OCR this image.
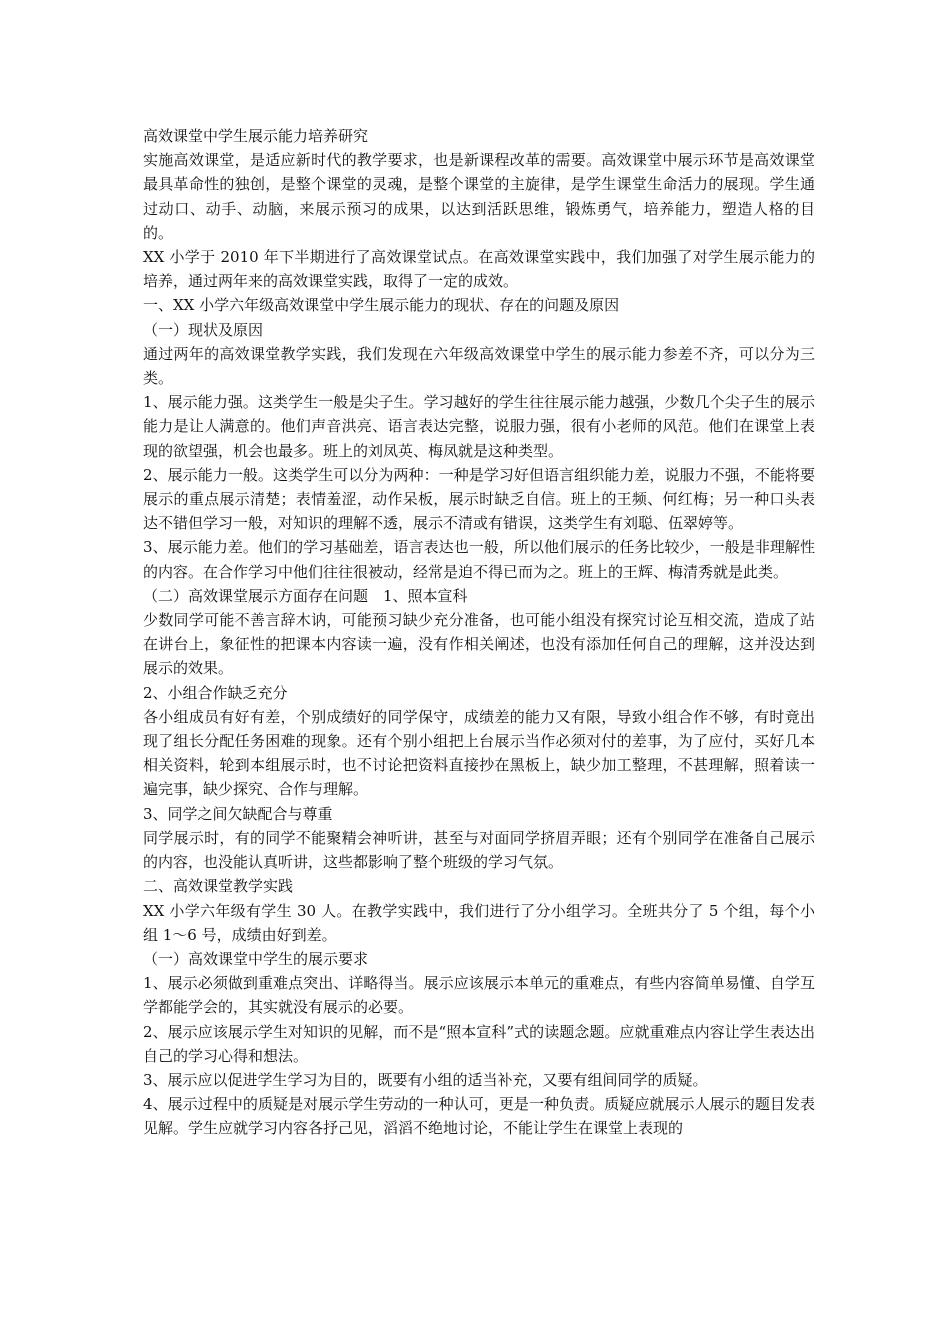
高效课堂中学生展示能力培养研究

实施高效课堂，是适应新时代的教学要求，也是新课程改革的需要。高效课堂中展示环节是高效课堂最具革命性的独创，是整个课堂的灵魂，是整个课堂的主旋律，是学生课堂生命活力的展现。学生通过动口、动手、动脑，来展示预习的成果，以达到活跃思维，锻炼勇气，培养能力，塑造人格的目的。

XX 小学于 2010 年下半期进行了高效课堂试点。在高效课堂实践中，我们加强了对学生展示能力的培养，通过两年来的高效课堂实践，取得了一定的成效。

一、XX 小学六年级高效课堂中学生展示能力的现状、存在的问题及原因

（一）现状及原因

通过两年的高效课堂教学实践，我们发现在六年级高效课堂中学生的展示能力参差不齐，可以分为三类。

1、展示能力强。这类学生一般是尖子生。学习越好的学生往往展示能力越强，少数几个尖子生的展示能力是让人满意的。他们声音洪亮、语言表达完整，说服力强，很有小老师的风范。他们在课堂上表现的欲望强，机会也最多。班上的刘凤英、梅凤就是这种类型。

2、展示能力一般。这类学生可以分为两种：一种是学习好但语言组织能力差，说服力不强，不能将要展示的重点展示清楚；表情羞涩，动作呆板，展示时缺乏自信。班上的王频、何红梅；另一种口头表达不错但学习一般，对知识的理解不透，展示不清或有错误，这类学生有刘聪、伍翠婷等。

3、展示能力差。他们的学习基础差，语言表达也一般，所以他们展示的任务比较少，一般是非理解性的内容。在合作学习中他们往往很被动，经常是迫不得已而为之。班上的王辉、梅清秀就是此类。

（二）高效课堂展示方面存在问题　1、照本宣科

少数同学可能不善言辞木讷，可能预习缺少充分准备，也可能小组没有探究讨论互相交流，造成了站在讲台上，象征性的把课本内容读一遍，没有作相关阐述，也没有添加任何自己的理解，这并没达到展示的效果。

2、小组合作缺乏充分

各小组成员有好有差，个别成绩好的同学保守，成绩差的能力又有限，导致小组合作不够，有时竟出现了组长分配任务困难的现象。还有个别小组把上台展示当作必须对付的差事，为了应付，买好几本相关资料，轮到本组展示时，也不讨论把资料直接抄在黑板上，缺少加工整理，不甚理解，照着读一遍完事，缺少探究、合作与理解。

3、同学之间欠缺配合与尊重

同学展示时，有的同学不能聚精会神听讲，甚至与对面同学挤眉弄眼；还有个别同学在准备自己展示的内容，也没能认真听讲，这些都影响了整个班级的学习气氛。

二、高效课堂教学实践

XX 小学六年级有学生 30 人。在教学实践中，我们进行了分小组学习。全班共分了 5 个组，每个小组 1～6 号，成绩由好到差。

（一）高效课堂中学生的展示要求

1、展示必须做到重难点突出、详略得当。展示应该展示本单元的重难点，有些内容简单易懂、自学互学都能学会的，其实就没有展示的必要。

2、展示应该展示学生对知识的见解，而不是“照本宣科”式的读题念题。应就重难点内容让学生表达出自己的学习心得和想法。

3、展示应以促进学生学习为目的，既要有小组的适当补充，又要有组间同学的质疑。

4、展示过程中的质疑是对展示学生劳动的一种认可，更是一种负责。质疑应就展示人展示的题目发表见解。学生应就学习内容各抒己见，滔滔不绝地讨论，不能让学生在课堂上表现的
